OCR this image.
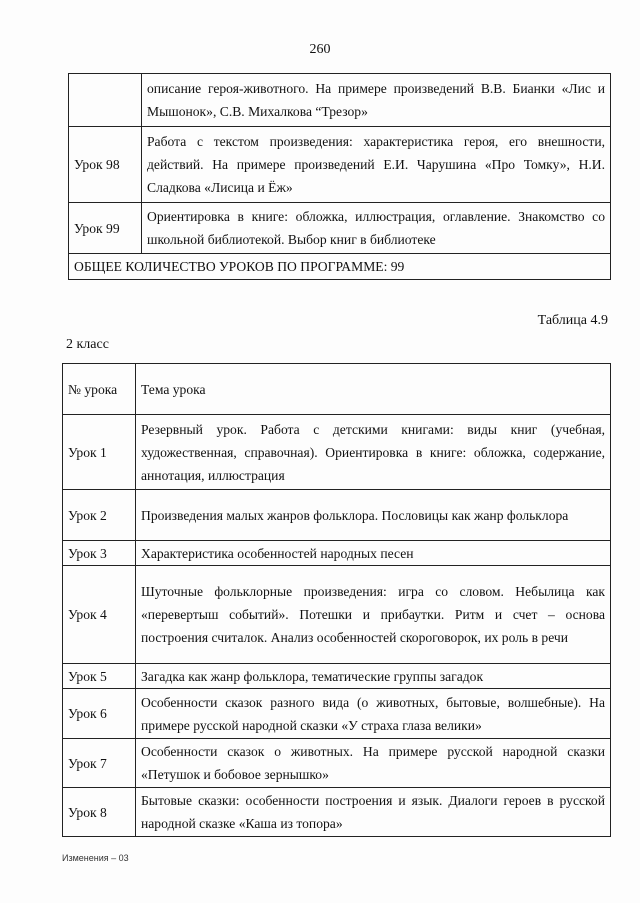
260
	описание героя-животного. На примере произведений В.В. Бианки «Лис и Мышонок», С.В. Михалкова “Трезор»
Урок 98	Работа с текстом произведения: характеристика героя, его внешности, действий. На примере произведений Е.И. Чарушина «Про Томку», Н.И. Сладкова «Лисица и Ёж»
Урок 99	Ориентировка в книге: обложка, иллюстрация, оглавление. Знакомство со школьной библиотекой. Выбор книг в библиотеке
ОБЩЕЕ КОЛИЧЕСТВО УРОКОВ ПО ПРОГРАММЕ: 99	
Таблица 4.9
2 класс
№ урока	Тема урока
Урок 1	Резервный урок. Работа с детскими книгами: виды книг (учебная, художественная, справочная). Ориентировка в книге: обложка, содержание, аннотация, иллюстрация
Урок 2	Произведения малых жанров фольклора. Пословицы как жанр фольклора
Урок 3	Характеристика особенностей народных песен
Урок 4	Шуточные фольклорные произведения: игра со словом. Небылица как «перевертыш событий». Потешки и прибаутки. Ритм и счет – основа построения считалок. Анализ особенностей скороговорок, их роль в речи
Урок 5	Загадка как жанр фольклора, тематические группы загадок
Урок 6	Особенности сказок разного вида (о животных, бытовые, волшебные). На примере русской народной сказки «У страха глаза велики»
Урок 7	Особенности сказок о животных. На примере русской народной сказки «Петушок и бобовое зернышко»
Урок 8	Бытовые сказки: особенности построения и язык. Диалоги героев в русской народной сказке «Каша из топора»
Изменения – 03
